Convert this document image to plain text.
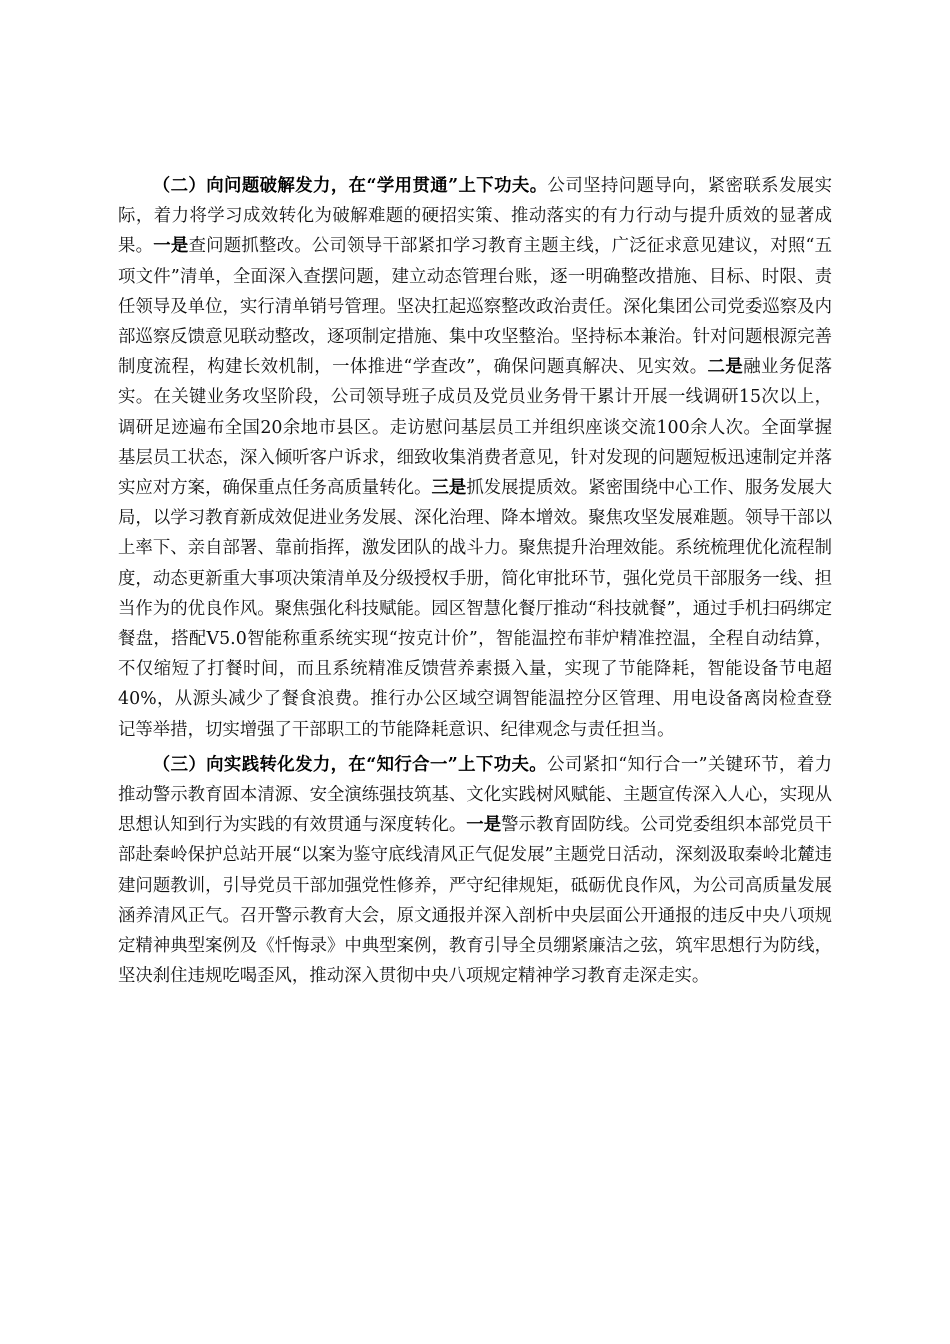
（二）向问题破解发力，在“学用贯通”上下功夫。公司坚持问题导向，紧密联系发展实际，着力将学习成效转化为破解难题的硬招实策、推动落实的有力行动与提升质效的显著成果。一是查问题抓整改。公司领导干部紧扣学习教育主题主线，广泛征求意见建议，对照“五项文件”清单，全面深入查摆问题，建立动态管理台账，逐一明确整改措施、目标、时限、责任领导及单位，实行清单销号管理。坚决扛起巡察整改政治责任。深化集团公司党委巡察及内部巡察反馈意见联动整改，逐项制定措施、集中攻坚整治。坚持标本兼治。针对问题根源完善制度流程，构建长效机制，一体推进“学查改”，确保问题真解决、见实效。二是融业务促落实。在关键业务攻坚阶段，公司领导班子成员及党员业务骨干累计开展一线调研15次以上，调研足迹遍布全国20余地市县区。走访慰问基层员工并组织座谈交流100余人次。全面掌握基层员工状态，深入倾听客户诉求，细致收集消费者意见，针对发现的问题短板迅速制定并落实应对方案，确保重点任务高质量转化。三是抓发展提质效。紧密围绕中心工作、服务发展大局，以学习教育新成效促进业务发展、深化治理、降本增效。聚焦攻坚发展难题。领导干部以上率下、亲自部署、靠前指挥，激发团队的战斗力。聚焦提升治理效能。系统梳理优化流程制度，动态更新重大事项决策清单及分级授权手册，简化审批环节，强化党员干部服务一线、担当作为的优良作风。聚焦强化科技赋能。园区智慧化餐厅推动“科技就餐”，通过手机扫码绑定餐盘，搭配V5.0智能称重系统实现“按克计价”，智能温控布菲炉精准控温，全程自动结算，不仅缩短了打餐时间，而且系统精准反馈营养素摄入量，实现了节能降耗，智能设备节电超40%，从源头减少了餐食浪费。推行办公区域空调智能温控分区管理、用电设备离岗检查登记等举措，切实增强了干部职工的节能降耗意识、纪律观念与责任担当。

（三）向实践转化发力，在“知行合一”上下功夫。公司紧扣“知行合一”关键环节，着力推动警示教育固本清源、安全演练强技筑基、文化实践树风赋能、主题宣传深入人心，实现从思想认知到行为实践的有效贯通与深度转化。一是警示教育固防线。公司党委组织本部党员干部赴秦岭保护总站开展“以案为鉴守底线清风正气促发展”主题党日活动，深刻汲取秦岭北麓违建问题教训，引导党员干部加强党性修养，严守纪律规矩，砥砺优良作风，为公司高质量发展涵养清风正气。召开警示教育大会，原文通报并深入剖析中央层面公开通报的违反中央八项规定精神典型案例及《忏悔录》中典型案例，教育引导全员绷紧廉洁之弦，筑牢思想行为防线，坚决刹住违规吃喝歪风，推动深入贯彻中央八项规定精神学习教育走深走实。
